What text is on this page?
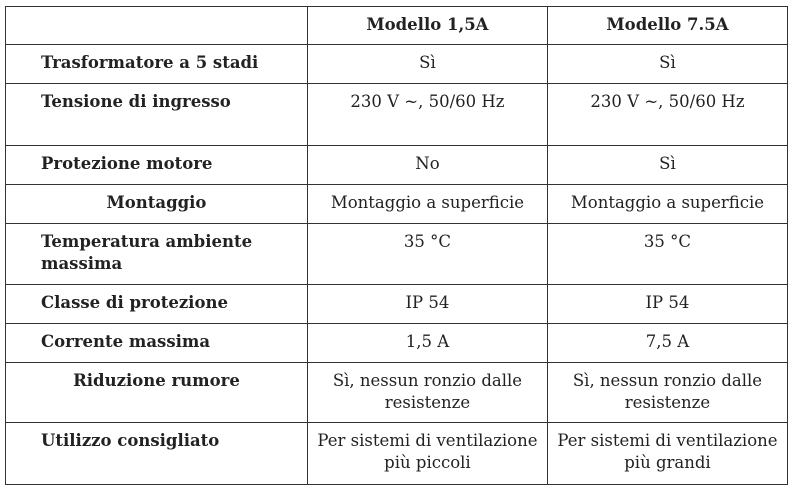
	Modello 1,5A	Modello 7.5A
Trasformatore a 5 stadi	Sì	Sì
Tensione di ingresso	230 V ~, 50/60 Hz	230 V ~, 50/60 Hz
Protezione motore	No	Sì
Montaggio	Montaggio a superficie	Montaggio a superficie
Temperatura ambiente massima	35 °C	35 °C
Classe di protezione	IP 54	IP 54
Corrente massima	1,5 A	7,5 A
Riduzione rumore	Sì, nessun ronzio dalle resistenze	Sì, nessun ronzio dalle resistenze
Utilizzo consigliato	Per sistemi di ventilazione più piccoli	Per sistemi di ventilazione più grandi
